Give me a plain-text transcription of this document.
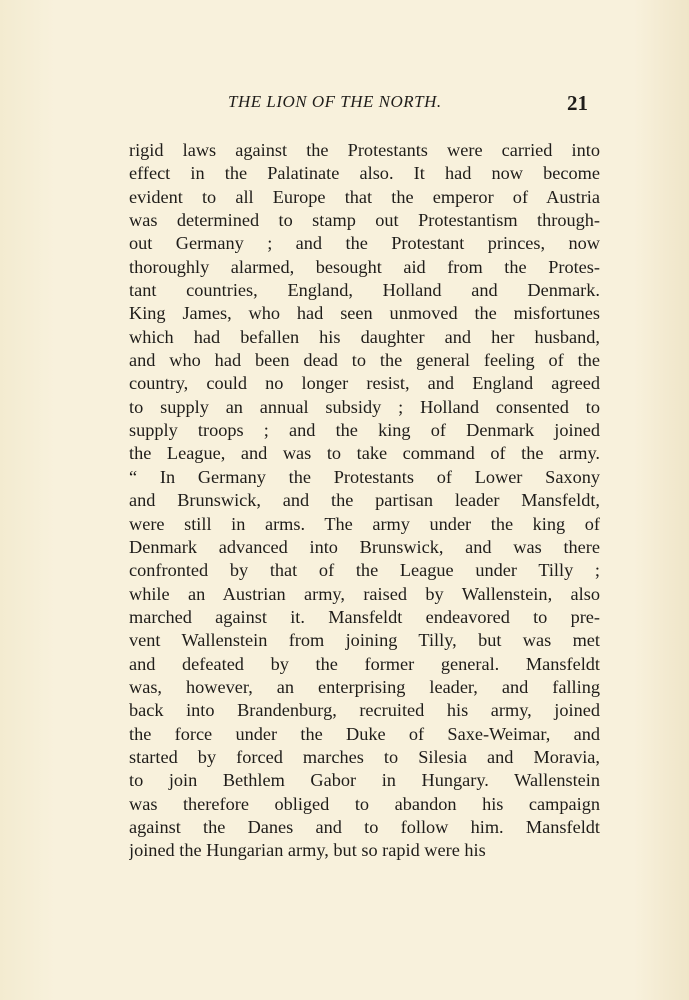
THE LION OF THE NORTH.	21
rigid laws against the Protestants were carried into
effect in the Palatinate also. It had now become
evident to all Europe that the emperor of Austria
was determined to stamp out Protestantism through-
out Germany ; and the Protestant princes, now
thoroughly alarmed, besought aid from the Protes-
tant countries, England, Holland and Denmark.
King James, who had seen unmoved the misfortunes
which had befallen his daughter and her husband,
and who had been dead to the general feeling of the
country, could no longer resist, and England agreed
to supply an annual subsidy ; Holland consented to
supply troops ; and the king of Denmark joined
the League, and was to take command of the army.
“ In Germany the Protestants of Lower Saxony
and Brunswick, and the partisan leader Mansfeldt,
were still in arms. The army under the king of
Denmark advanced into Brunswick, and was there
confronted by that of the League under Tilly ;
while an Austrian army, raised by Wallenstein, also
marched against it. Mansfeldt endeavored to pre-
vent Wallenstein from joining Tilly, but was met
and defeated by the former general. Mansfeldt
was, however, an enterprising leader, and falling
back into Brandenburg, recruited his army, joined
the force under the Duke of Saxe-Weimar, and
started by forced marches to Silesia and Moravia,
to join Bethlem Gabor in Hungary. Wallenstein
was therefore obliged to abandon his campaign
against the Danes and to follow him. Mansfeldt
joined the Hungarian army, but so rapid were his
